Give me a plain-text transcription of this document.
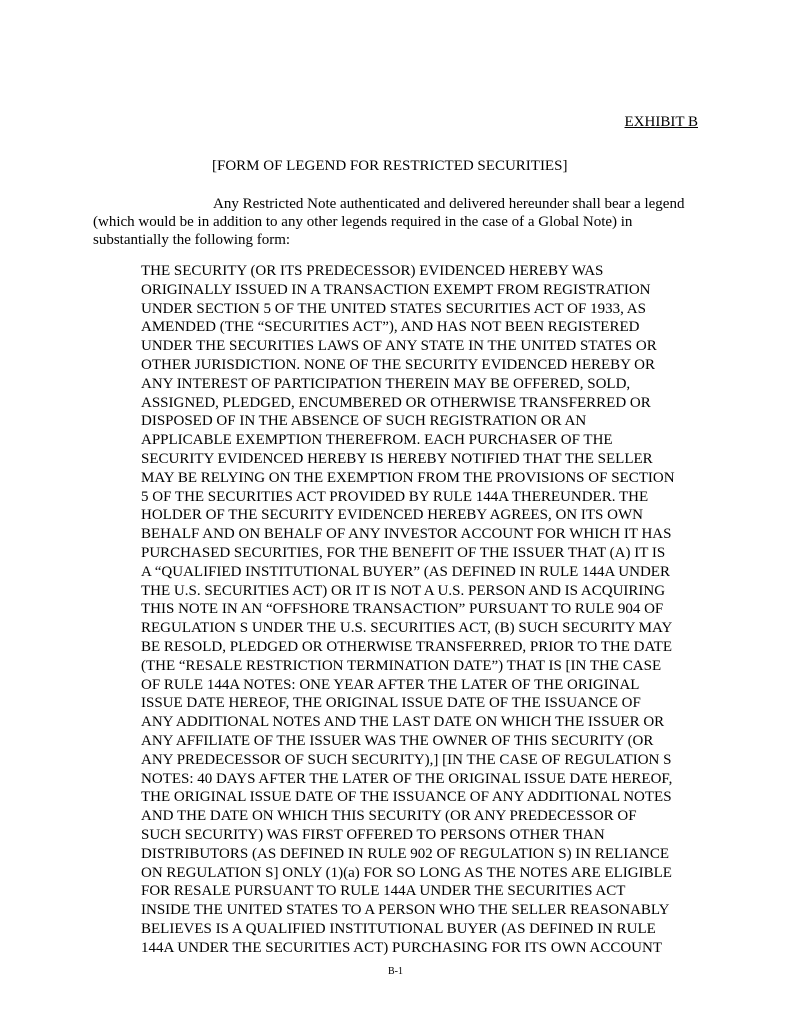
EXHIBIT B
[FORM OF LEGEND FOR RESTRICTED SECURITIES]

Any Restricted Note authenticated and delivered hereunder shall bear a legend (which would be in addition to any other legends required in the case of a Global Note) in substantially the following form:

THE SECURITY (OR ITS PREDECESSOR) EVIDENCED HEREBY WAS
ORIGINALLY ISSUED IN A TRANSACTION EXEMPT FROM REGISTRATION
UNDER SECTION 5 OF THE UNITED STATES SECURITIES ACT OF 1933, AS
AMENDED (THE “SECURITIES ACT”), AND HAS NOT BEEN REGISTERED
UNDER THE SECURITIES LAWS OF ANY STATE IN THE UNITED STATES OR
OTHER JURISDICTION. NONE OF THE SECURITY EVIDENCED HEREBY OR
ANY INTEREST OF PARTICIPATION THEREIN MAY BE OFFERED, SOLD,
ASSIGNED, PLEDGED, ENCUMBERED OR OTHERWISE TRANSFERRED OR
DISPOSED OF IN THE ABSENCE OF SUCH REGISTRATION OR AN
APPLICABLE EXEMPTION THEREFROM. EACH PURCHASER OF THE
SECURITY EVIDENCED HEREBY IS HEREBY NOTIFIED THAT THE SELLER
MAY BE RELYING ON THE EXEMPTION FROM THE PROVISIONS OF SECTION
5 OF THE SECURITIES ACT PROVIDED BY RULE 144A THEREUNDER. THE
HOLDER OF THE SECURITY EVIDENCED HEREBY AGREES, ON ITS OWN
BEHALF AND ON BEHALF OF ANY INVESTOR ACCOUNT FOR WHICH IT HAS
PURCHASED SECURITIES, FOR THE BENEFIT OF THE ISSUER THAT (A) IT IS
A “QUALIFIED INSTITUTIONAL BUYER” (AS DEFINED IN RULE 144A UNDER
THE U.S. SECURITIES ACT) OR IT IS NOT A U.S. PERSON AND IS ACQUIRING
THIS NOTE IN AN “OFFSHORE TRANSACTION” PURSUANT TO RULE 904 OF
REGULATION S UNDER THE U.S. SECURITIES ACT, (B) SUCH SECURITY MAY
BE RESOLD, PLEDGED OR OTHERWISE TRANSFERRED, PRIOR TO THE DATE
(THE “RESALE RESTRICTION TERMINATION DATE”) THAT IS [IN THE CASE
OF RULE 144A NOTES: ONE YEAR AFTER THE LATER OF THE ORIGINAL
ISSUE DATE HEREOF, THE ORIGINAL ISSUE DATE OF THE ISSUANCE OF
ANY ADDITIONAL NOTES AND THE LAST DATE ON WHICH THE ISSUER OR
ANY AFFILIATE OF THE ISSUER WAS THE OWNER OF THIS SECURITY (OR
ANY PREDECESSOR OF SUCH SECURITY),] [IN THE CASE OF REGULATION S
NOTES: 40 DAYS AFTER THE LATER OF THE ORIGINAL ISSUE DATE HEREOF,
THE ORIGINAL ISSUE DATE OF THE ISSUANCE OF ANY ADDITIONAL NOTES
AND THE DATE ON WHICH THIS SECURITY (OR ANY PREDECESSOR OF
SUCH SECURITY) WAS FIRST OFFERED TO PERSONS OTHER THAN
DISTRIBUTORS (AS DEFINED IN RULE 902 OF REGULATION S) IN RELIANCE
ON REGULATION S] ONLY (1)(a) FOR SO LONG AS THE NOTES ARE ELIGIBLE
FOR RESALE PURSUANT TO RULE 144A UNDER THE SECURITIES ACT
INSIDE THE UNITED STATES TO A PERSON WHO THE SELLER REASONABLY
BELIEVES IS A QUALIFIED INSTITUTIONAL BUYER (AS DEFINED IN RULE
144A UNDER THE SECURITIES ACT) PURCHASING FOR ITS OWN ACCOUNT
B-1
